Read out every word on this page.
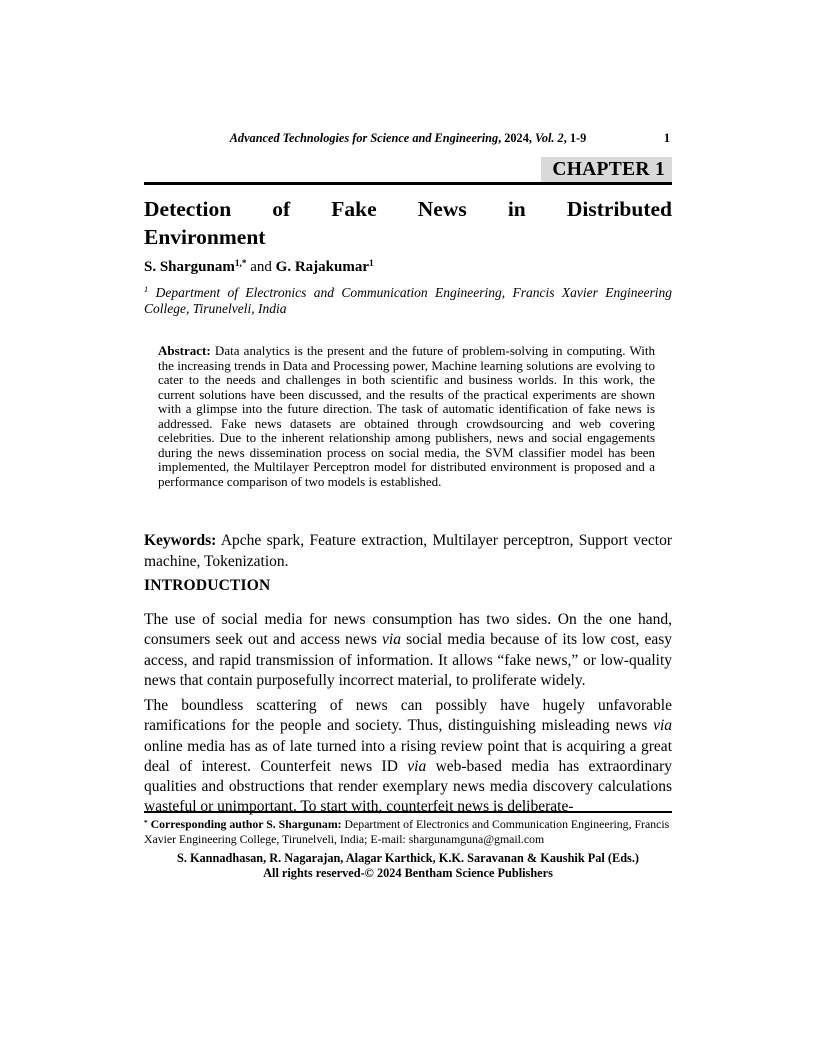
Advanced Technologies for Science and Engineering, 2024, Vol. 2, 1-9	1
CHAPTER 1
Detection of Fake News in Distributed
Environment
S. Shargunam$^{1,*}$ and G. Rajakumar$^1$
$^1$ Department of Electronics and Communication Engineering, Francis Xavier Engineering College, Tirunelveli, India
Abstract: Data analytics is the present and the future of problem-solving in computing. With the increasing trends in Data and Processing power, Machine learning solutions are evolving to cater to the needs and challenges in both scientific and business worlds. In this work, the current solutions have been discussed, and the results of the practical experiments are shown with a glimpse into the future direction. The task of automatic identification of fake news is addressed. Fake news datasets are obtained through crowdsourcing and web covering celebrities. Due to the inherent relationship among publishers, news and social engagements during the news dissemination process on social media, the SVM classifier model has been implemented, the Multilayer Perceptron model for distributed environment is proposed and a performance comparison of two models is established.
Keywords: Apche spark, Feature extraction, Multilayer perceptron, Support vector machine, Tokenization.
INTRODUCTION

The use of social media for news consumption has two sides. On the one hand, consumers seek out and access news via social media because of its low cost, easy access, and rapid transmission of information. It allows “fake news,” or low-quality news that contain purposefully incorrect material, to proliferate widely.

The boundless scattering of news can possibly have hugely unfavorable ramifications for the people and society. Thus, distinguishing misleading news via online media has as of late turned into a rising review point that is acquiring a great deal of interest. Counterfeit news ID via web-based media has extraordinary qualities and obstructions that render exemplary news media discovery calculations wasteful or unimportant. To start with, counterfeit news is deliberate-

* Corresponding author S. Shargunam: Department of Electronics and Communication Engineering, Francis Xavier Engineering College, Tirunelveli, India; E-mail: shargunamguna@gmail.com
S. Kannadhasan, R. Nagarajan, Alagar Karthick, K.K. Saravanan & Kaushik Pal (Eds.)
All rights reserved-© 2024 Bentham Science Publishers
